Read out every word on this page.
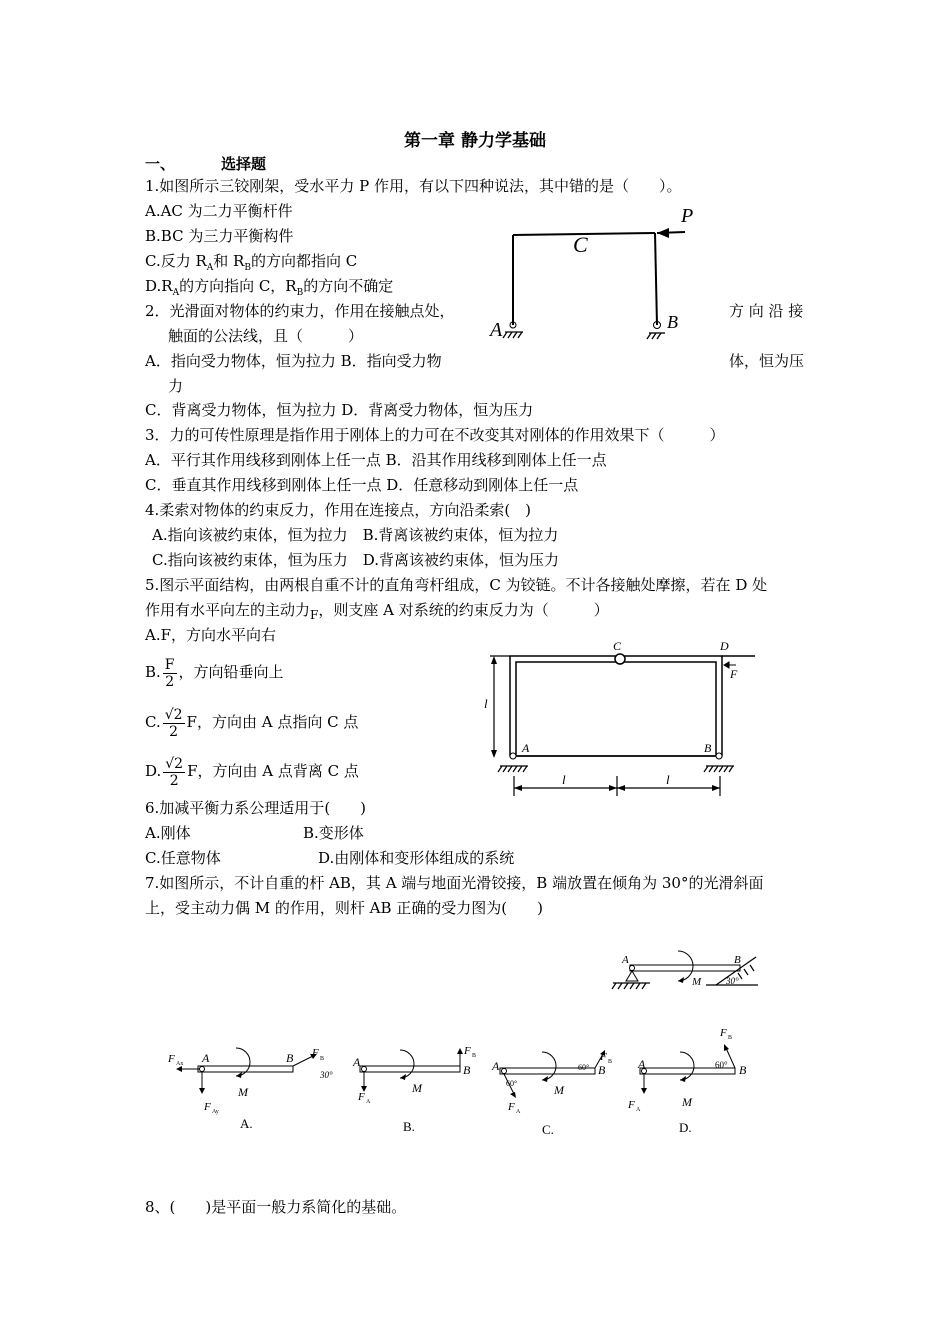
第一章 静力学基础
一、	选择题
1.如图所示三铰刚架，受水平力 P 作用，有以下四种说法，其中错的是（　　）。
A.AC 为二力平衡杆件
B.BC 为三力平衡构件
C.反力 $R_A$和 $R_B$的方向都指向 C
$D.R_A$的方向指向 C，$R_B$的方向不确定
P
C
A	B
2．光滑面对物体的约束力，作用在接触点处，	方 向 沿 接
触面的公法线，且（　　　）
A．指向受力物体，恒为拉力 B．指向受力物	体，恒为压
力
C．背离受力物体，恒为拉力 D．背离受力物体，恒为压力
3．力的可传性原理是指作用于刚体上的力可在不改变其对刚体的作用效果下（　　　）
A．平行其作用线移到刚体上任一点 B．沿其作用线移到刚体上任一点
C．垂直其作用线移到刚体上任一点 D．任意移动到刚体上任一点
4.柔索对物体的约束反力，作用在连接点，方向沿柔索(　)
A.指向该被约束体，恒为拉力　B.背离该被约束体，恒为拉力
C.指向该被约束体，恒为压力　D.背离该被约束体，恒为压力
5.图示平面结构，由两根自重不计的直角弯杆组成，C 为铰链。不计各接触处摩擦，若在 D 处
作用有水平向左的主动力$_F$，则支座 A 对系统的约束反力为（　　　）
A.F，方向水平向右
B. $\frac{F}{2}$ ，方向铅垂向上
C. $\frac{√2}{2}$ F，方向由 A 点指向 C 点
D. $\frac{√2}{2}$ F，方向由 A 点背离 C 点
C	D
F
A	B
l
l	l
6.加减平衡力系公理适用于(　　)
A.刚体	B.变形体
C.任意物体	D.由刚体和变形体组成的系统
7.如图所示，不计自重的杆 AB，其 A 端与地面光滑铰接，B 端放置在倾角为 30°的光滑斜面
上，受主动力偶 M 的作用，则杆 AB 正确的受力图为(　　)
A	B
M	30°
A	B
M
F Ax
F Ay
F B
30°
A.
A
B
M
F A
F B
B.
A	B
M
60°
60°
F A
F B
C.
A	B
M
60°
F A
F B
D.
8、(　　)是平面一般力系简化的基础。
